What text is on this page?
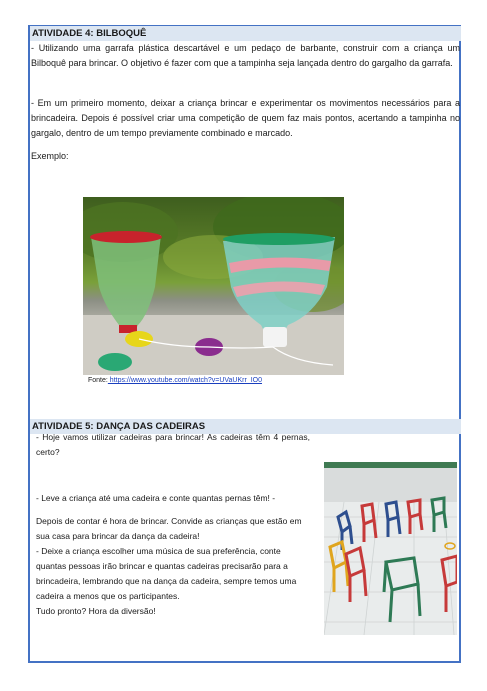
ATIVIDADE 4: BILBOQUÊ

- Utilizando uma garrafa plástica descartável e um pedaço de barbante, construir com a criança um Bilboquê para brincar. O objetivo é fazer com que a tampinha seja lançada dentro do gargalho da garrafa.

- Em um primeiro momento, deixar a criança brincar e experimentar os movimentos necessários para a brincadeira. Depois é possível criar uma competição de quem faz mais pontos, acertando a tampinha no gargalo, dentro de um tempo previamente combinado e marcado.

Exemplo:

Fonte: https://www.youtube.com/watch?v=UVaUKrr_IO0
ATIVIDADE 5: DANÇA DAS CADEIRAS

- Hoje vamos utilizar cadeiras para brincar! As cadeiras têm 4 pernas, certo?

- Leve a criança até uma cadeira e conte quantas pernas têm! -

Depois de contar é hora de brincar. Convide as crianças que estão em sua casa para brincar da dança da cadeira!

- Deixe a criança escolher uma música de sua preferência, conte quantas pessoas irão brincar e quantas cadeiras precisarão para a brincadeira, lembrando que na dança da cadeira, sempre temos uma cadeira a menos que os participantes.

Tudo pronto? Hora da diversão!
